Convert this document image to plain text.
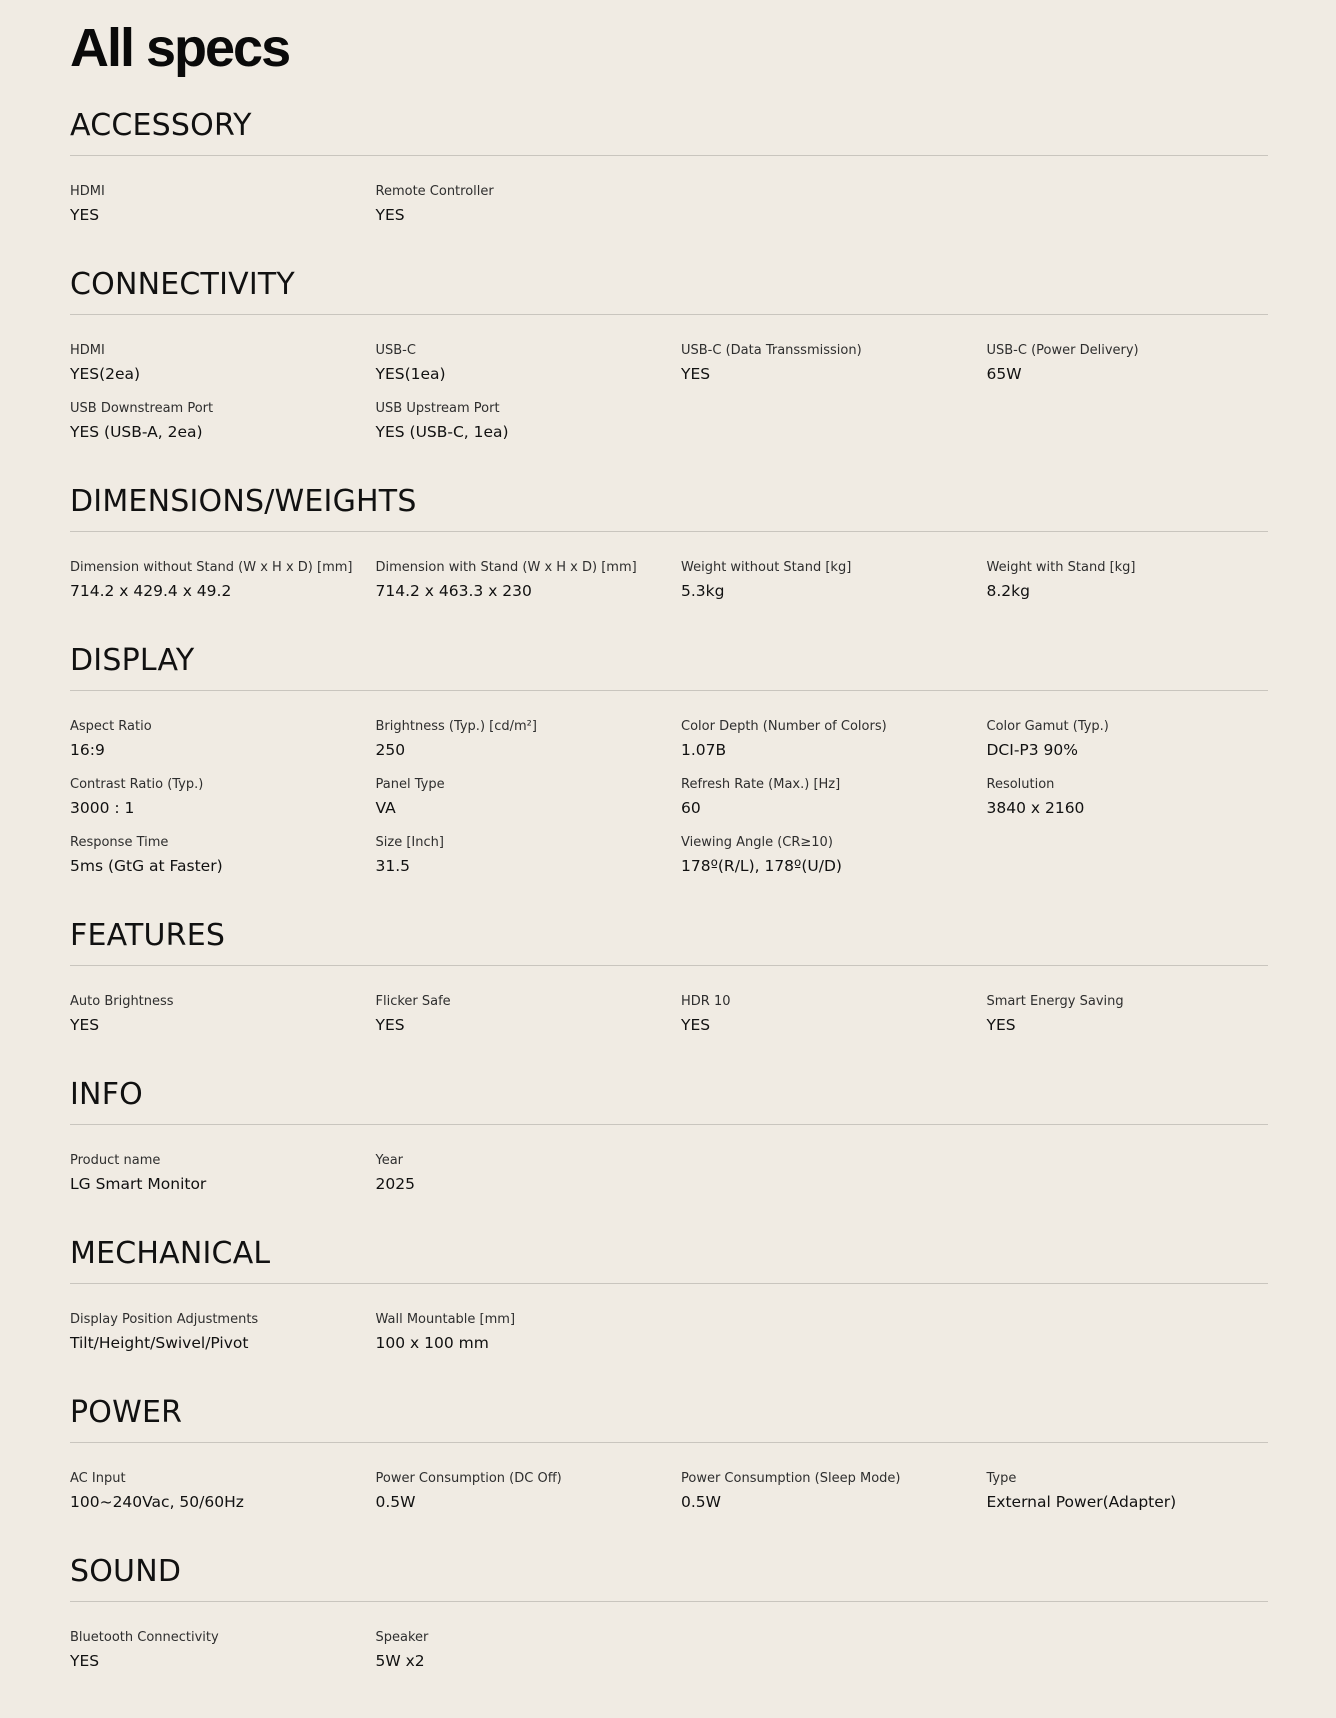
All specs
ACCESSORY
HDMI
YES
Remote Controller
YES
CONNECTIVITY
HDMI
YES(2ea)
USB-C
YES(1ea)
USB-C (Data Transsmission)
YES
USB-C (Power Delivery)
65W
USB Downstream Port
YES (USB-A, 2ea)
USB Upstream Port
YES (USB-C, 1ea)
DIMENSIONS/WEIGHTS
Dimension without Stand (W x H x D) [mm]
714.2 x 429.4 x 49.2
Dimension with Stand (W x H x D) [mm]
714.2 x 463.3 x 230
Weight without Stand [kg]
5.3kg
Weight with Stand [kg]
8.2kg
DISPLAY
Aspect Ratio
16:9
Brightness (Typ.) [cd/m²]
250
Color Depth (Number of Colors)
1.07B
Color Gamut (Typ.)
DCI-P3 90%
Contrast Ratio (Typ.)
3000 : 1
Panel Type
VA
Refresh Rate (Max.) [Hz]
60
Resolution
3840 x 2160
Response Time
5ms (GtG at Faster)
Size [Inch]
31.5
Viewing Angle (CR≥10)
178º(R/L), 178º(U/D)
FEATURES
Auto Brightness
YES
Flicker Safe
YES
HDR 10
YES
Smart Energy Saving
YES
INFO
Product name
LG Smart Monitor
Year
2025
MECHANICAL
Display Position Adjustments
Tilt/Height/Swivel/Pivot
Wall Mountable [mm]
100 x 100 mm
POWER
AC Input
100~240Vac, 50/60Hz
Power Consumption (DC Off)
0.5W
Power Consumption (Sleep Mode)
0.5W
Type
External Power(Adapter)
SOUND
Bluetooth Connectivity
YES
Speaker
5W x2
